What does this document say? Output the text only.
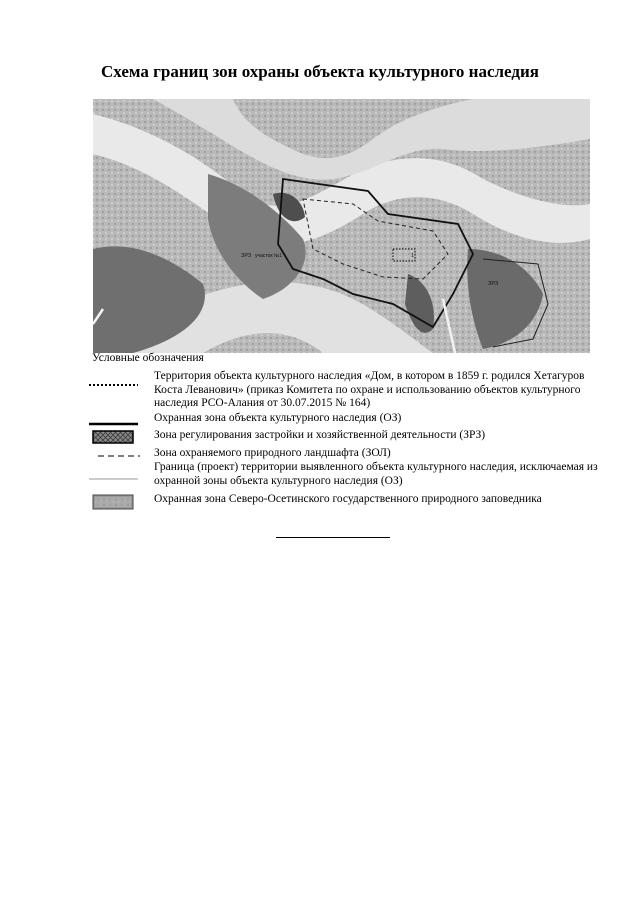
Схема границ зон охраны объекта культурного наследия
ЗРЗ участок №1	1
ЗРЗ
Условные обозначения
Территория объекта культурного наследия «Дом, в котором в 1859 г. родился Хетагуров Коста Леванович» (приказ Комитета по охране и использованию объектов культурного наследия РСО-Алания от 30.07.2015 № 164)
Охранная зона объекта культурного наследия (ОЗ)
Зона регулирования застройки и хозяйственной деятельности (ЗРЗ)
Зона охраняемого природного ландшафта (ЗОЛ)
Граница (проект) территории выявленного объекта культурного наследия, исключаемая из охранной зоны объекта культурного наследия (ОЗ)
Охранная зона Северо-Осетинского государственного природного заповедника
